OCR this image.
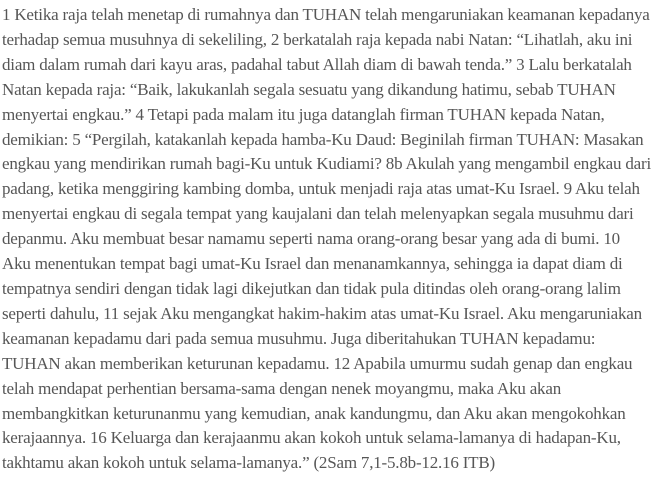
1 Ketika raja telah menetap di rumahnya dan TUHAN telah mengaruniakan keamanan kepadanya
terhadap semua musuhnya di sekeliling, 2 berkatalah raja kepada nabi Natan: “Lihatlah, aku ini
diam dalam rumah dari kayu aras, padahal tabut Allah diam di bawah tenda.” 3 Lalu berkatalah
Natan kepada raja: “Baik, lakukanlah segala sesuatu yang dikandung hatimu, sebab TUHAN
menyertai engkau.” 4 Tetapi pada malam itu juga datanglah firman TUHAN kepada Natan,
demikian: 5 “Pergilah, katakanlah kepada hamba-Ku Daud: Beginilah firman TUHAN: Masakan
engkau yang mendirikan rumah bagi-Ku untuk Kudiami? 8b Akulah yang mengambil engkau dari
padang, ketika menggiring kambing domba, untuk menjadi raja atas umat-Ku Israel. 9 Aku telah
menyertai engkau di segala tempat yang kaujalani dan telah melenyapkan segala musuhmu dari
depanmu. Aku membuat besar namamu seperti nama orang-orang besar yang ada di bumi. 10
Aku menentukan tempat bagi umat-Ku Israel dan menanamkannya, sehingga ia dapat diam di
tempatnya sendiri dengan tidak lagi dikejutkan dan tidak pula ditindas oleh orang-orang lalim
seperti dahulu, 11 sejak Aku mengangkat hakim-hakim atas umat-Ku Israel. Aku mengaruniakan
keamanan kepadamu dari pada semua musuhmu. Juga diberitahukan TUHAN kepadamu:
TUHAN akan memberikan keturunan kepadamu. 12 Apabila umurmu sudah genap dan engkau
telah mendapat perhentian bersama-sama dengan nenek moyangmu, maka Aku akan
membangkitkan keturunanmu yang kemudian, anak kandungmu, dan Aku akan mengokohkan
kerajaannya. 16 Keluarga dan kerajaanmu akan kokoh untuk selama-lamanya di hadapan-Ku,
takhtamu akan kokoh untuk selama-lamanya.” (2Sam 7,1-5.8b-12.16 ITB)
